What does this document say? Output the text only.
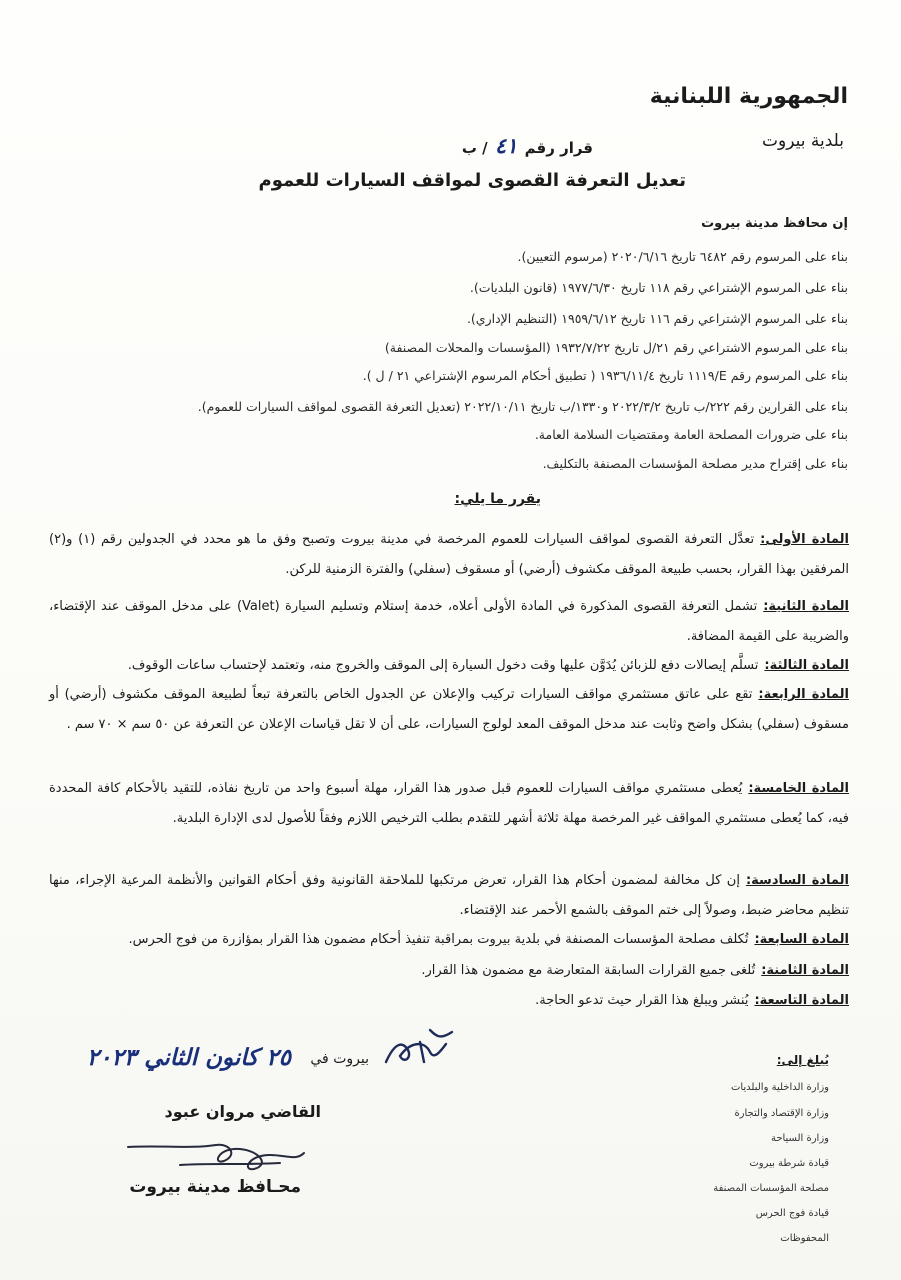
الجمهورية اللبنانية
بلدية بيروت
قرار رقم ٤١ / ب
تعديل التعرفة القصوى لمواقف السيارات للعموم
إن محافظ مدينة بيروت
بناء على المرسوم رقم ٦٤٨٢ تاريخ ٢٠٢٠/٦/١٦ (مرسوم التعيين).
بناء على المرسوم الإشتراعي رقم ١١٨ تاريخ ١٩٧٧/٦/٣٠ (قانون البلديات).
بناء على المرسوم الإشتراعي رقم ١١٦ تاريخ ١٩٥٩/٦/١٢ (التنظيم الإداري).
بناء على المرسوم الاشتراعي رقم ٢١/ل تاريخ ١٩٣٢/٧/٢٢ (المؤسسات والمحلات المصنفة)
بناء على المرسوم رقم E/١١١٩ تاريخ ١٩٣٦/١١/٤ ( تطبيق أحكام المرسوم الإشتراعي ٢١ / ل ).
بناء على القرارين رقم ٢٢٢/ب تاريخ ٢٠٢٢/٣/٢ و١٣٣٠/ب تاريخ ٢٠٢٢/١٠/١١ (تعديل التعرفة القصوى لمواقف السيارات للعموم).
بناء على ضرورات المصلحة العامة ومقتضيات السلامة العامة.
بناء على إقتراح مدير مصلحة المؤسسات المصنفة بالتكليف.
يقرر ما يلي:
المادة الأولى:تعدَّل التعرفة القصوى لمواقف السيارات للعموم المرخصة في مدينة بيروت وتصبح وفق ما هو محدد في الجدولين رقم (١) و(٢) المرفقين بهذا القرار، بحسب طبيعة الموقف مكشوف (أرضي) أو مسقوف (سفلي) والفترة الزمنية للركن.
المادة الثانية:تشمل التعرفة القصوى المذكورة في المادة الأولى أعلاه، خدمة إستلام وتسليم السيارة (Valet) على مدخل الموقف عند الإقتضاء، والضريبة على القيمة المضافة.
المادة الثالثة:تسلَّم إيصالات دفع للزبائن يُدَوَّن عليها وقت دخول السيارة إلى الموقف والخروج منه، وتعتمد لإحتساب ساعات الوقوف.
المادة الرابعة:تقع على عاتق مستثمري مواقف السيارات تركيب والإعلان عن الجدول الخاص بالتعرفة تبعاً لطبيعة الموقف مكشوف (أرضي) أو مسقوف (سفلي) بشكل واضح وثابت عند مدخل الموقف المعد لولوج السيارات، على أن لا تقل قياسات الإعلان عن التعرفة عن ٥٠ سم × ٧٠ سم .
المادة الخامسة:يُعطى مستثمري مواقف السيارات للعموم قبل صدور هذا القرار، مهلة أسبوع واحد من تاريخ نفاذه، للتقيد بالأحكام كافة المحددة فيه، كما يُعطى مستثمري المواقف غير المرخصة مهلة ثلاثة أشهر للتقدم بطلب الترخيص اللازم وفقاً للأصول لدى الإدارة البلدية.
المادة السادسة:إن كل مخالفة لمضمون أحكام هذا القرار، تعرض مرتكبها للملاحقة القانونية وفق أحكام القوانين والأنظمة المرعية الإجراء، منها تنظيم محاضر ضبط، وصولاً إلى ختم الموقف بالشمع الأحمر عند الإقتضاء.
المادة السابعة:تُكلف مصلحة المؤسسات المصنفة في بلدية بيروت بمراقبة تنفيذ أحكام مضمون هذا القرار بمؤازرة من فوج الحرس.
المادة الثامنة:تُلغى جميع القرارات السابقة المتعارضة مع مضمون هذا القرار.
المادة التاسعة:يُنشر ويبلغ هذا القرار حيث تدعو الحاجة.
بيروت في
٢٥ كانون الثاني ٢٠٢٣
القاضي مروان عبود
محـافظ مدينة بيروت
يُبلغ إلى:
وزارة الداخلية والبلديات
وزارة الإقتصاد والتجارة
وزارة السياحة
قيادة شرطة بيروت
مصلحة المؤسسات المصنفة
قيادة فوج الحرس
المحفوظات
